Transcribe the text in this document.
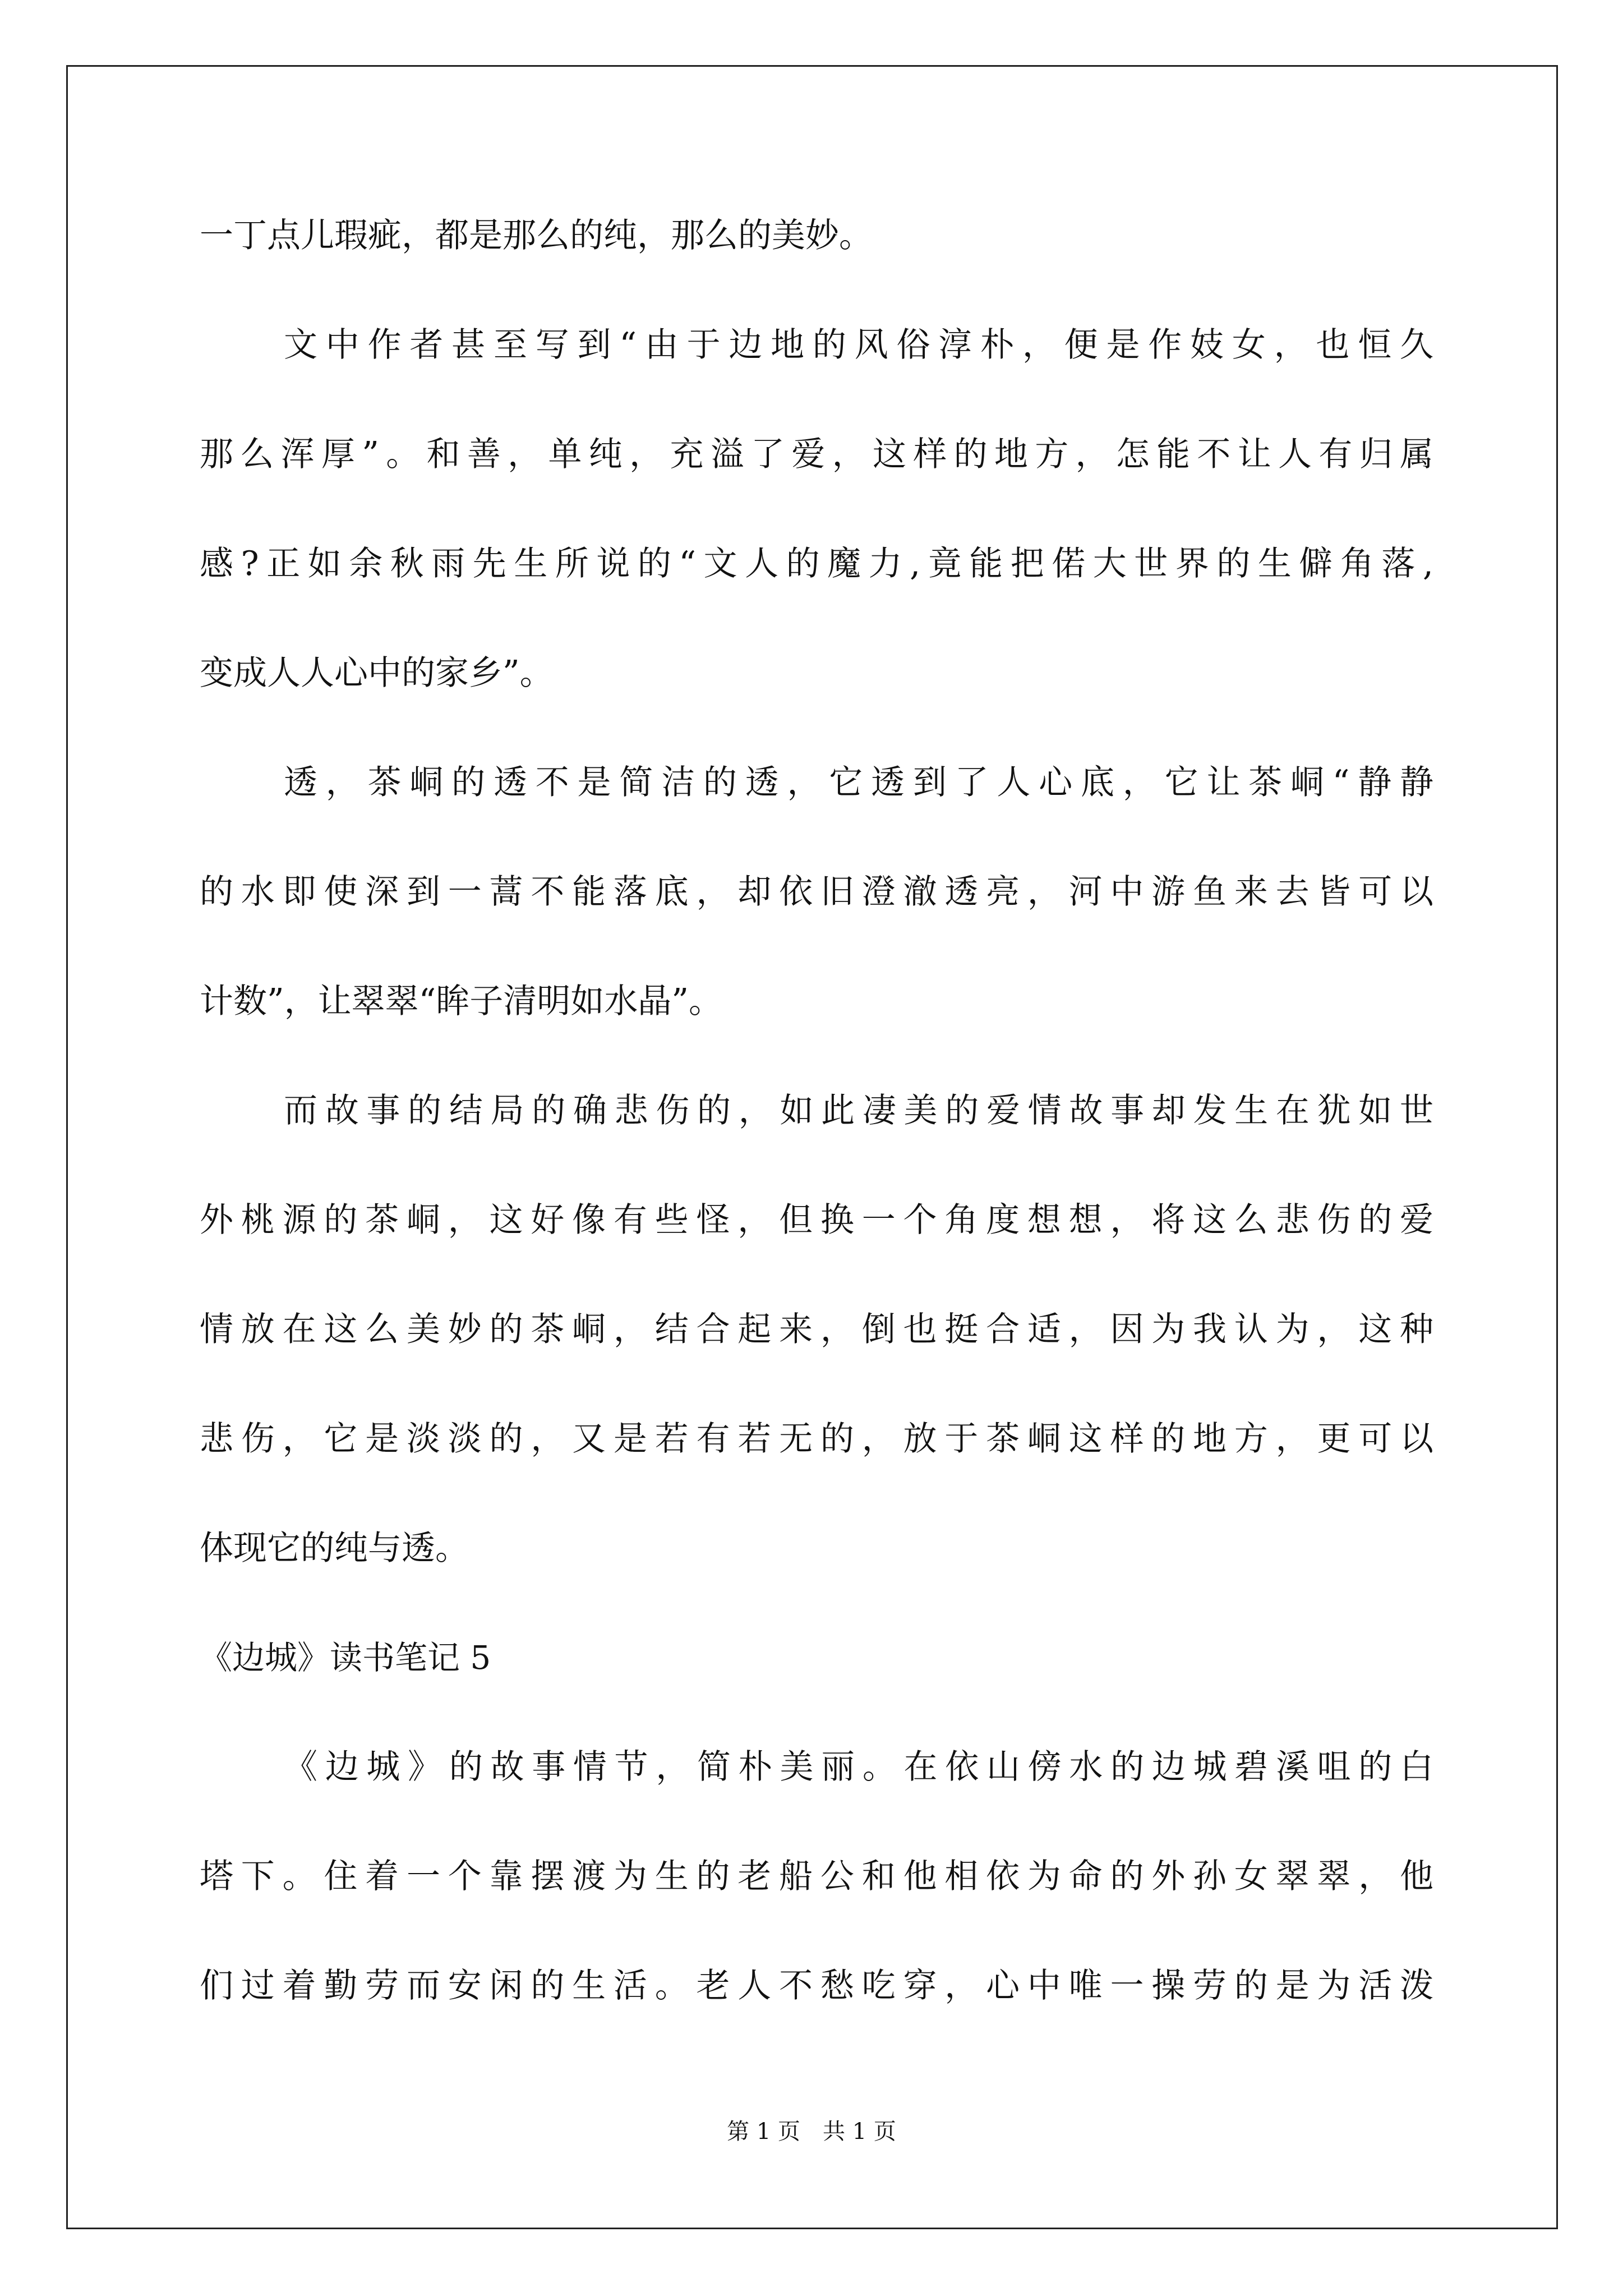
一丁点儿瑕疵，都是那么的纯，那么的美妙。
文中作者甚至写到“由于边地的风俗淳朴，便是作妓女，也恒久
那么浑厚”。和善，单纯，充溢了爱，这样的地方，怎能不让人有归属
感?正如余秋雨先生所说的“文人的魔力,竟能把偌大世界的生僻角落,
变成人人心中的家乡”。
透，茶峒的透不是简洁的透，它透到了人心底，它让茶峒“静静
的水即使深到一蒿不能落底，却依旧澄澈透亮，河中游鱼来去皆可以
计数”，让翠翠“眸子清明如水晶”。
而故事的结局的确悲伤的，如此凄美的爱情故事却发生在犹如世
外桃源的茶峒，这好像有些怪，但换一个角度想想，将这么悲伤的爱
情放在这么美妙的茶峒，结合起来，倒也挺合适，因为我认为，这种
悲伤，它是淡淡的，又是若有若无的，放于茶峒这样的地方，更可以
体现它的纯与透。
《边城》读书笔记 5
《边城》的故事情节，简朴美丽。在依山傍水的边城碧溪咀的白
塔下。住着一个靠摆渡为生的老船公和他相依为命的外孙女翠翠，他
们过着勤劳而安闲的生活。老人不愁吃穿，心中唯一操劳的是为活泼
第 1 页　共 1 页
